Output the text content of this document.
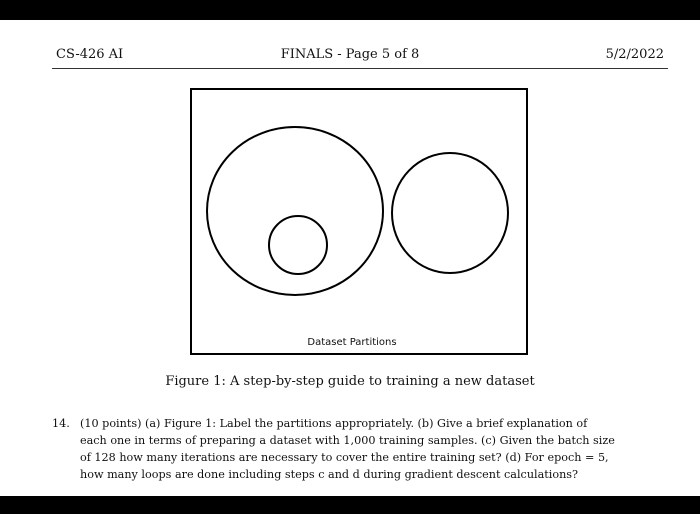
CS-426 AI	FINALS - Page 5 of 8	5/2/2022
Dataset Partitions
Figure 1: A step-by-step guide to training a new dataset
14. (10 points) (a) Figure 1: Label the partitions appropriately. (b) Give a brief explanation of
each one in terms of preparing a dataset with 1,000 training samples. (c) Given the batch size
of 128 how many iterations are necessary to cover the entire training set? (d) For epoch = 5,
how many loops are done including steps c and d during gradient descent calculations?
